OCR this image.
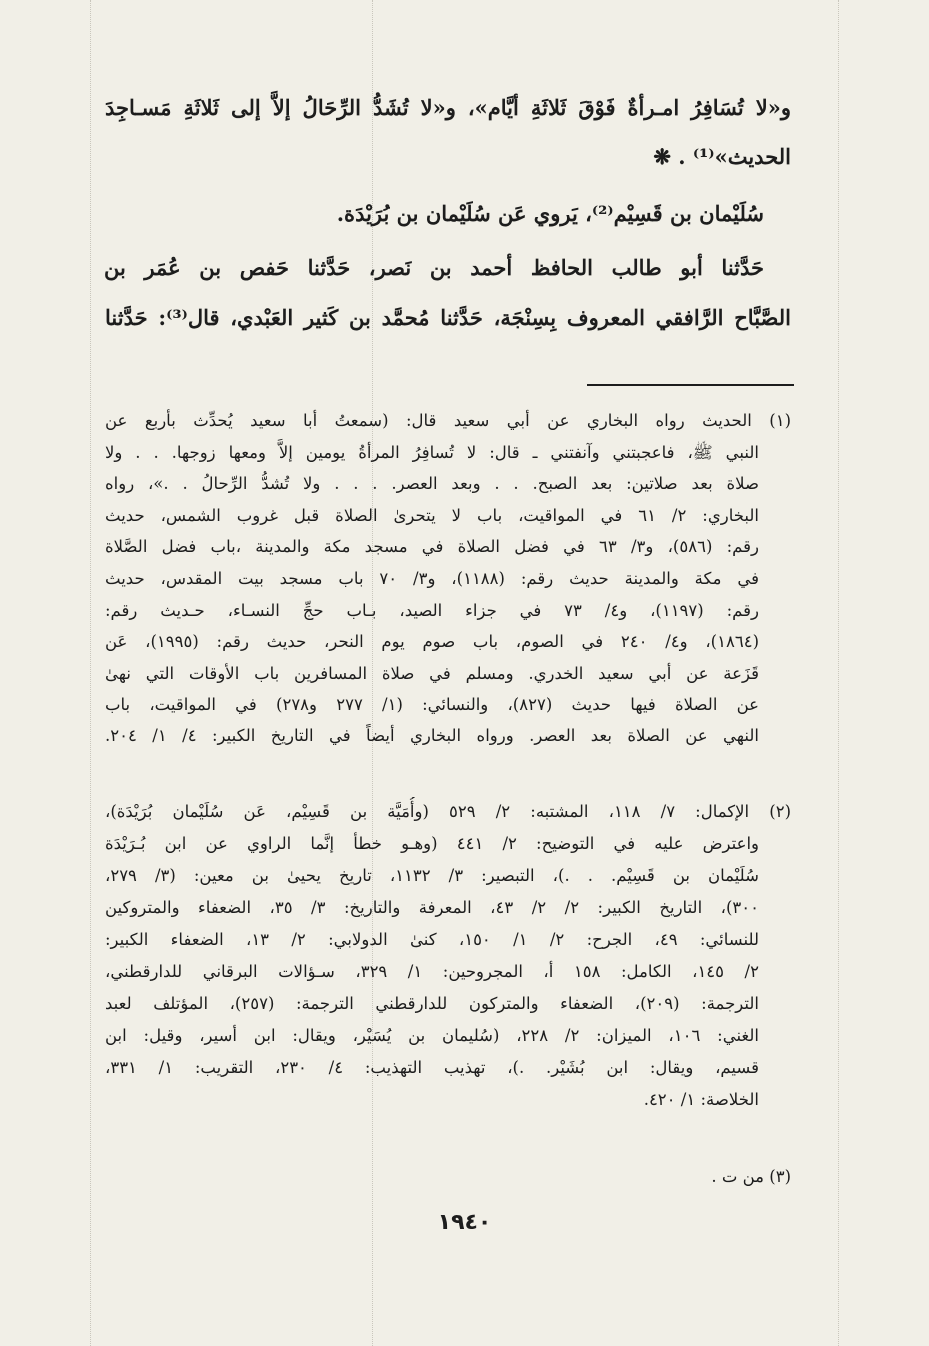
و«لا تُسَافِرُ امـرأةٌ فَوْقَ ثَلاثَةِ أيَّام»، و«لا تُشَدُّ الرِّحَالُ إلاَّ إلى ثَلاثَةِ مَسـاجِدَ
الحديث»⁽¹⁾ . ❋
سُلَيْمان بن قَسِيْم⁽²⁾، يَروي عَن سُلَيْمان بن بُرَيْدَة.
حَدَّثنا أبو طالب الحافظ أحمد بن نَصر، حَدَّثنا حَفص بن عُمَر بن
الصَّبَّاح الرَّافقي المعروف بِسِنْجَة، حَدَّثنا مُحمَّد بن كَثير العَبْدي، قال⁽³⁾: حَدَّثنا
(١) الحديث رواه البخاري عن أبي سعيد قال: (سمعتُ أبا سعيد يُحدِّث بأربع عن
النبي ﷺ، فاعجبتني وآنفتني ـ قال: لا تُسافِرُ المرأةُ يومين إلاَّ ومعها زوجها. . . ولا
صلاة بعد صلاتين: بعد الصبح. . . وبعد العصر. . . . ولا تُشدُّ الرِّحالُ . .»، رواه
البخاري: ٢/ ٦١ في المواقيت، باب لا يتحرىٰ الصلاة قبل غروب الشمس، حديث
رقم: (٥٨٦)، و٣/ ٦٣ في فضل الصلاة في مسجد مكة والمدينة ،باب فضل الصَّلاة
في مكة والمدينة حديث رقم: (١١٨٨)، و٣/ ٧٠ باب مسجد بيت المقدس، حديث
رقم: (١١٩٧)، و٤/ ٧٣ في جزاء الصيد، بـاب حجِّ النسـاء، حـديث رقم:
(١٨٦٤)، و٤/ ٢٤٠ في الصوم، باب صوم يوم النحر، حديث رقم: (١٩٩٥)، عَن
قَزَعة عن أبي سعيد الخدري. ومسلم في صلاة المسافرين باب الأوقات التي نهىٰ
عن الصلاة فيها حديث (٨٢٧)، والنسائي: (١/ ٢٧٧ و٢٧٨) في المواقيت، باب
النهي عن الصلاة بعد العصر. ورواه البخاري أيضاً في التاريخ الكبير: ٤/ ١/ ٢٠٤.
(٢) الإكمال: ٧/ ١١٨، المشتبه: ٢/ ٥٢٩ (وأُمَيَّة بن قَسِيْم، عَن سُلَيْمان بُرَيْدَة)،
واعترض عليه في التوضيح: ٢/ ٤٤١ (وهـو خطأ إنَّما الراوي عن ابن بُـرَيْدَة
سُلَيْمان بن قَسِيْم. . .)، التبصير: ٣/ ١١٣٢، تاريخ يحيىٰ بن معين: (٣/ ٢٧٩،
٣٠٠)، التاريخ الكبير: ٢/ ٢/ ٤٣، المعرفة والتاريخ: ٣/ ٣٥، الضعفاء والمتروكين
للنسائي: ٤٩، الجرح: ٢/ ١/ ١٥٠، كنىٰ الدولابي: ٢/ ١٣، الضعفاء الكبير:
٢/ ١٤٥، الكامل: ١٥٨ أ، المجروحين: ١/ ٣٢٩، سـؤالات البرقاني للدارقطني،
الترجمة: (٢٠٩)، الضعفاء والمتركون للدارقطني الترجمة: (٢٥٧)، المؤتلف لعبد
الغني: ١٠٦، الميزان: ٢/ ٢٢٨، (سُليمان بن يُسَيْر، ويقال: ابن أسير، وقيل: ابن
قسيم، ويقال: ابن بُشَيْر. .)، تهذيب التهذيب: ٤/ ٢٣٠، التقريب: ١/ ٣٣١،
الخلاصة: ١/ ٤٢٠.
(٣) من ت .
١٩٤٠
